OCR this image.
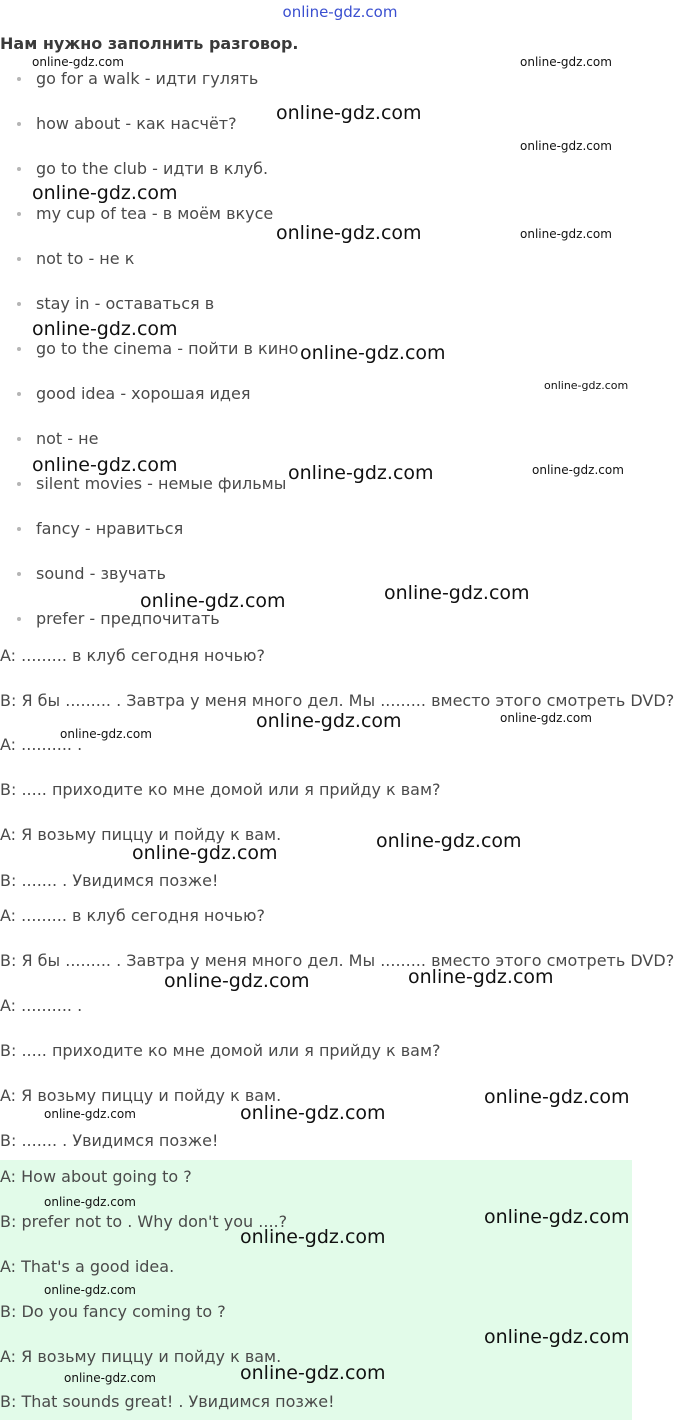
online-gdz.com
Нам нужно заполнить разговор.
go for a walk - идти гулять
how about - как насчёт?
go to the club - идти в клуб.
my cup of tea - в моём вкусе
not to - не к
stay in - оставаться в
go to the cinema - пойти в кино
good idea - хорошая идея
not - не
silent movies - немые фильмы
fancy - нравиться
sound - звучать
prefer - предпочитать
A: ......... в клуб сегодня ночью?
B: Я бы ......... . Завтра у меня много дел. Мы ......... вместо этого смотреть DVD?
A: .......... .
B: ..... приходите ко мне домой или я прийду к вам?
A: Я возьму пиццу и пойду к вам.
B: ....... . Увидимся позже!
A: ......... в клуб сегодня ночью?
B: Я бы ......... . Завтра у меня много дел. Мы ......... вместо этого смотреть DVD?
A: .......... .
B: ..... приходите ко мне домой или я прийду к вам?
A: Я возьму пиццу и пойду к вам.
B: ....... . Увидимся позже!
A: How about going to ?
B: prefer not to . Why don't you ....?
A: That's a good idea.
B: Do you fancy coming to ?
A: Я возьму пиццу и пойду к вам.
B: That sounds great! . Увидимся позже!
online-gdz.com	online-gdz.com
online-gdz.com
online-gdz.com
online-gdz.com
online-gdz.com	online-gdz.com
online-gdz.com
online-gdz.com
online-gdz.com
online-gdz.com	online-gdz.com	online-gdz.com
online-gdz.com
online-gdz.com
online-gdz.com	online-gdz.com
online-gdz.com
online-gdz.com
online-gdz.com
online-gdz.com
online-gdz.com
online-gdz.com
online-gdz.com
online-gdz.com
online-gdz.com
online-gdz.com
online-gdz.com
online-gdz.com
online-gdz.com
online-gdz.com
online-gdz.com
